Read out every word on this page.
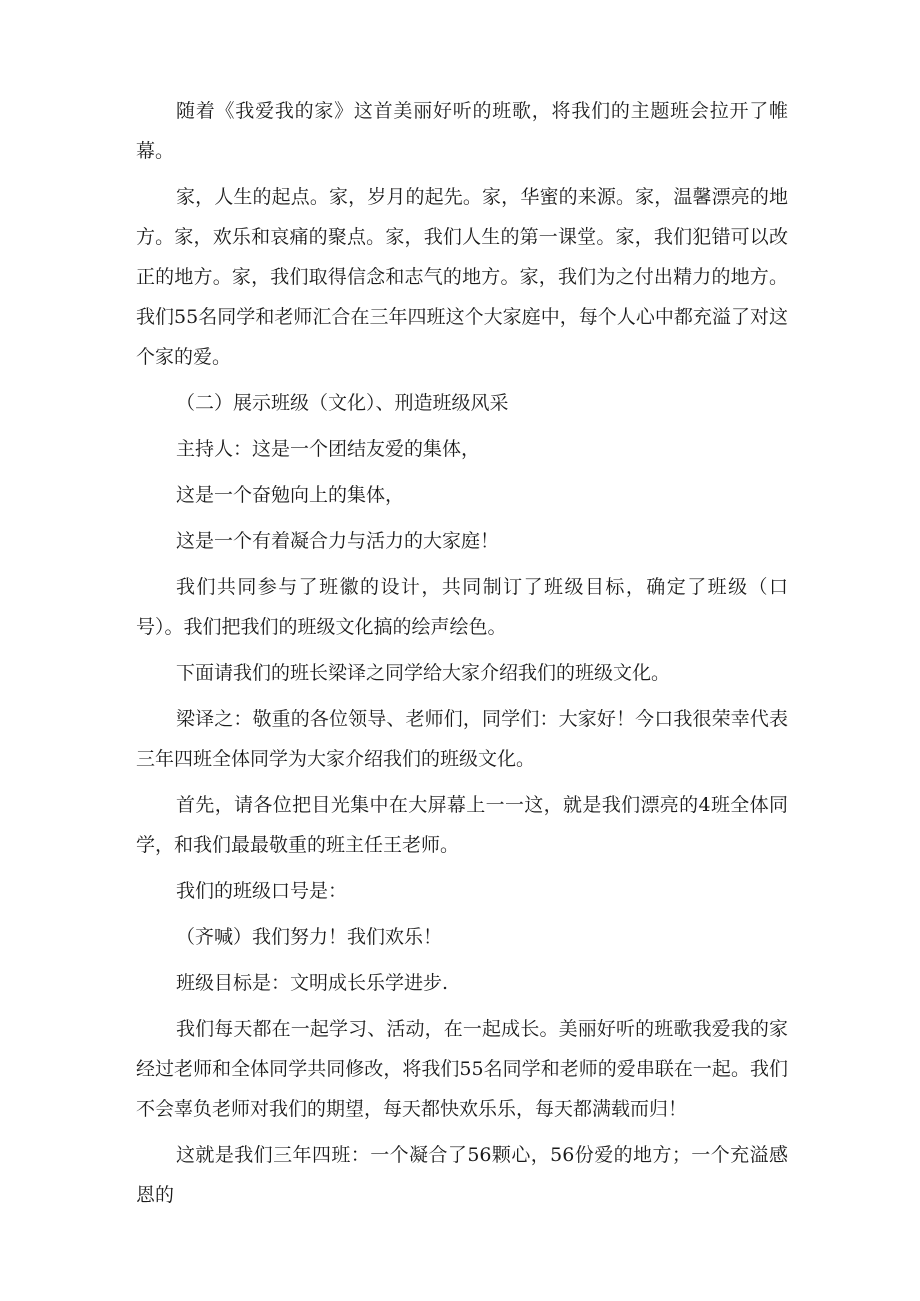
随着《我爱我的家》这首美丽好听的班歌，将我们的主题班会拉开了帷幕。

家，人生的起点。家，岁月的起先。家，华蜜的来源。家，温馨漂亮的地方。家，欢乐和哀痛的聚点。家，我们人生的第一课堂。家，我们犯错可以改正的地方。家，我们取得信念和志气的地方。家，我们为之付出精力的地方。我们55名同学和老师汇合在三年四班这个大家庭中，每个人心中都充溢了对这个家的爱。

（二）展示班级（文化）、刑造班级风采

主持人：这是一个团结友爱的集体，

这是一个奋勉向上的集体，

这是一个有着凝合力与活力的大家庭！

我们共同参与了班徽的设计，共同制订了班级目标，确定了班级（口号）。我们把我们的班级文化搞的绘声绘色。

下面请我们的班长梁译之同学给大家介绍我们的班级文化。

梁译之：敬重的各位领导、老师们，同学们：大家好！今口我很荣幸代表三年四班全体同学为大家介绍我们的班级文化。

首先，请各位把目光集中在大屏幕上一一这，就是我们漂亮的4班全体同学，和我们最最敬重的班主任王老师。

我们的班级口号是：

（齐喊）我们努力！我们欢乐！

班级目标是：文明成长乐学进步.

我们每天都在一起学习、活动，在一起成长。美丽好听的班歌我爱我的家经过老师和全体同学共同修改，将我们55名同学和老师的爱串联在一起。我们不会辜负老师对我们的期望，每天都快欢乐乐，每天都满载而归！

这就是我们三年四班：一个凝合了56颗心，56份爱的地方；一个充溢感恩的
